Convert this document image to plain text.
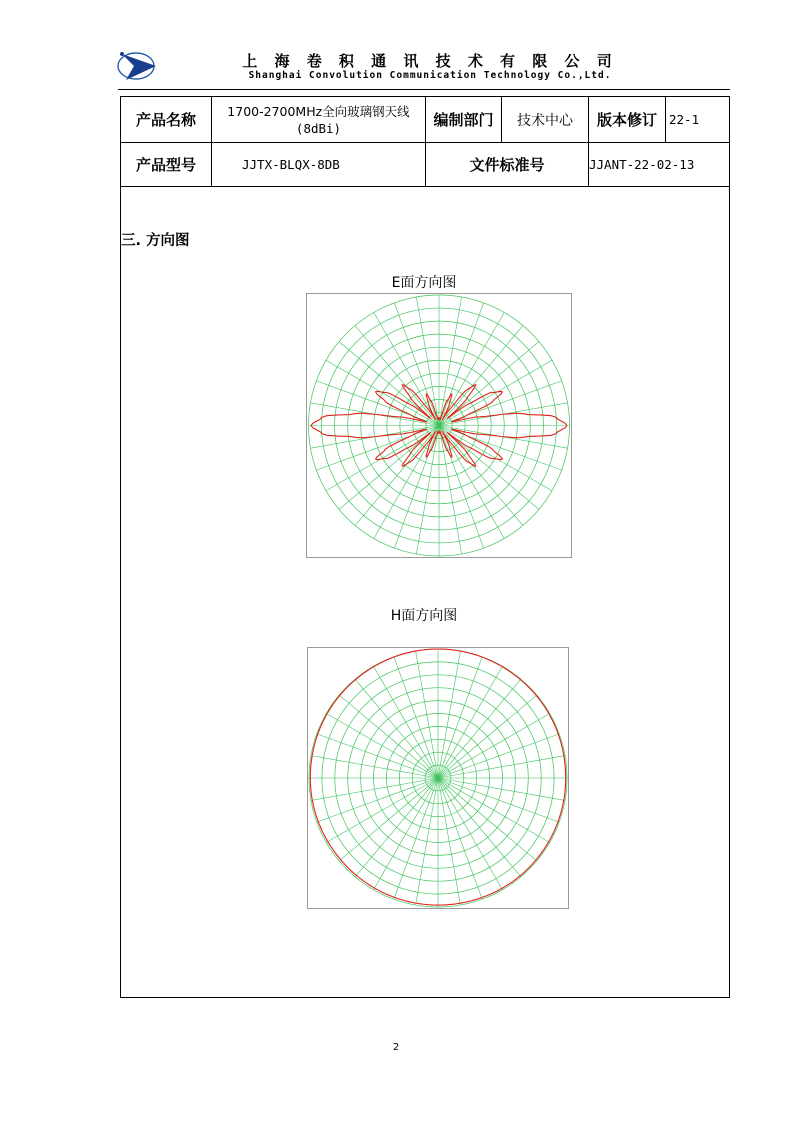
上 海 卷 积 通 讯 技 术 有 限 公 司
Shanghai Convolution Communication Technology Co.,Ltd.
产品名称	1700-2700MHz全向玻璃钢天线
(8dBi)	编制部门	技术中心	版本修订 22-1
产品型号	JJTX-BLQX-8DB	文件标准号	JJANT-22-02-13
三. 方向图
E面方向图
H面方向图
2
